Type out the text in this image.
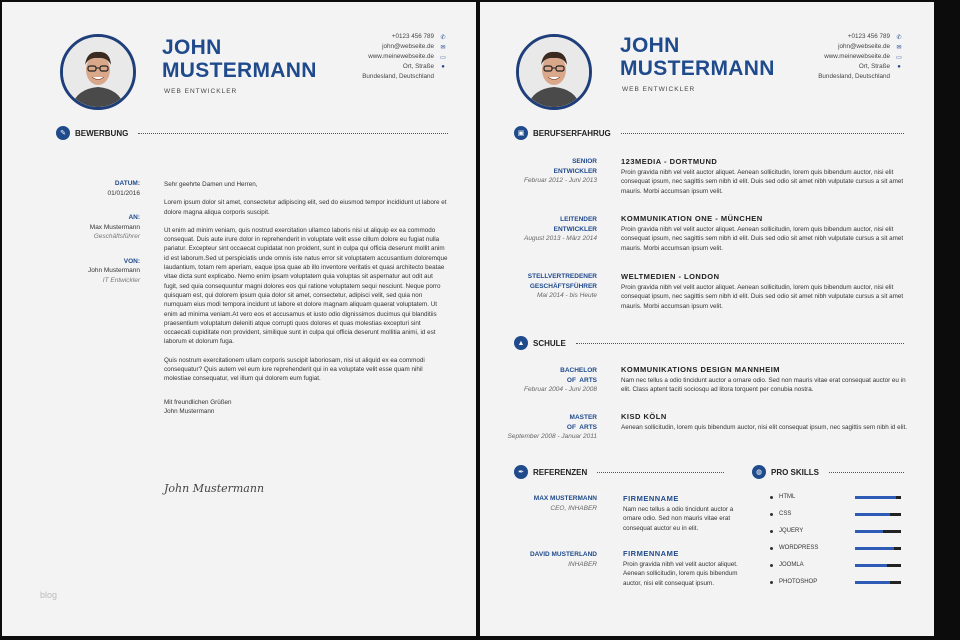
JOHN
MUSTERMANN
WEB ENTWICKLER
+0123 456 789
john@webseite.de
www.meinewebseite.de
Ort, Straße
Bundesland, Deutschland
✆
✉
▭
●
✎	BEWERBUNG
DATUM:
01/01/2016
AN:
Max Mustermann
Geschäftsführer
VON:
John Mustermann
IT Entwickler

Sehr geehrte Damen und Herren,

Lorem ipsum dolor sit amet, consectetur adipiscing elit, sed do eiusmod tempor incididunt ut labore et dolore magna aliqua corporis suscipit.

Ut enim ad minim veniam, quis nostrud exercitation ullamco laboris nisi ut aliquip ex ea commodo consequat. Duis aute irure dolor in reprehenderit in voluptate velit esse cillum dolore eu fugiat nulla pariatur. Excepteur sint occaecat cupidatat non proident, sunt in culpa qui officia deserunt mollit anim id est laborum.Sed ut perspiciatis unde omnis iste natus error sit voluptatem accusantium doloremque laudantium, totam rem aperiam, eaque ipsa quae ab illo inventore veritatis et quasi architecto beatae vitae dicta sunt explicabo. Nemo enim ipsam voluptatem quia voluptas sit aspernatur aut odit aut fugit, sed quia consequuntur magni dolores eos qui ratione voluptatem sequi nesciunt. Neque porro quisquam est, qui dolorem ipsum quia dolor sit amet, consectetur, adipisci velit, sed quia non numquam eius modi tempora incidunt ut labore et dolore magnam aliquam quaerat voluptatem. Ut enim ad minima veniam.At vero eos et accusamus et iusto odio dignissimos ducimus qui blanditiis praesentium voluptatum deleniti atque corrupti quos dolores et quas molestias excepturi sint occaecati cupiditate non provident, similique sunt in culpa qui officia deserunt mollitia animi, id est laborum et dolorum fuga.

Quis nostrum exercitationem ullam corporis suscipit laboriosam, nisi ut aliquid ex ea commodi consequatur? Quis autem vel eum iure reprehenderit qui in ea voluptate velit esse quam nihil molestiae consequatur, vel illum qui dolorem eum fugiat.

Mit freundlichen Grüßen
John Mustermann
John Mustermann
blog
JOHN
MUSTERMANN
WEB ENTWICKLER
+0123 456 789
john@webseite.de
www.meinewebseite.de
Ort, Straße
Bundesland, Deutschland
✆
✉
▭
●
▣	BERUFSERFAHRUG
SENIOR
ENTWICKLER
Februar 2012 - Juni 2013
123MEDIA - DORTMUND
Proin gravida nibh vel velit auctor aliquet. Aenean sollicitudin, lorem quis bibendum auctor, nisi elit consequat ipsum, nec sagittis sem nibh id elit. Duis sed odio sit amet nibh vulputate cursus a sit amet mauris. Morbi accumsan ipsum velit.
LEITENDER
ENTWICKLER
August 2013 - März 2014
KOMMUNIKATION ONE - MÜNCHEN
Proin gravida nibh vel velit auctor aliquet. Aenean sollicitudin, lorem quis bibendum auctor, nisi elit consequat ipsum, nec sagittis sem nibh id elit. Duis sed odio sit amet nibh vulputate cursus a sit amet mauris. Morbi accumsan ipsum velit.
STELLVERTREDENER
GESCHÄFTSFÜHRER
Mai 2014 - bis Heute
WELTMEDIEN - LONDON
Proin gravida nibh vel velit auctor aliquet. Aenean sollicitudin, lorem quis bibendum auctor, nisi elit consequat ipsum, nec sagittis sem nibh id elit. Duis sed odio sit amet nibh vulputate cursus a sit amet mauris. Morbi accumsan ipsum velit.
▲	SCHULE
BACHELOR
OF  ARTS
Februar 2004 - Juni 2008
KOMMUNIKATIONS DESIGN MANNHEIM
Nam nec tellus a odio tincidunt auctor a ornare odio. Sed non mauris vitae erat consequat auctor eu in elit. Class aptent taciti sociosqu ad litora torquent per conubia nostra.
MASTER
OF  ARTS
September 2008 - Januar 2011
KISD KÖLN
Aenean sollicitudin, lorem quis bibendum auctor, nisi elit consequat ipsum, nec sagittis sem nibh id elit.
✒	REFERENZEN
MAX MUSTERMANN
CEO, INHABER
FIRMENNAME
Nam nec tellus a odio tincidunt auctor a ornare odio. Sed non mauris vitae erat consequat auctor eu in elit.
DAVID MUSTERLAND
INHABER
FIRMENNAME
Proin gravida nibh vel velit auctor aliquet. Aenean sollicitudin, lorem quis bibendum auctor, nisi elit consequat ipsum.
◍	PRO SKILLS
HTML
CSS
JQUERY
WORDPRESS
JOOMLA
PHOTOSHOP
